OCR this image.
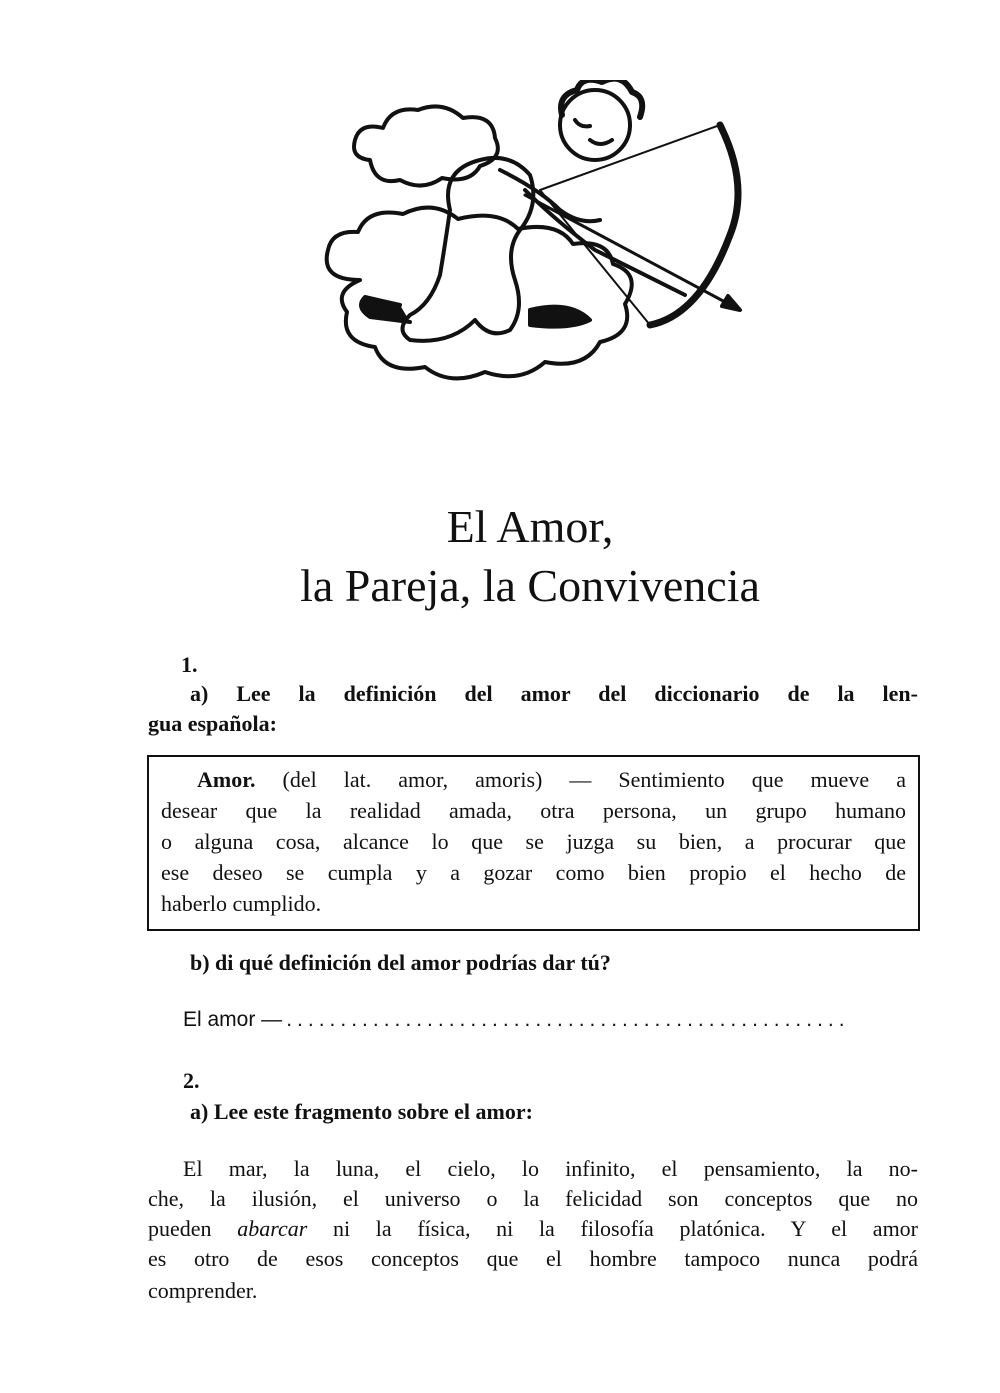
El Amor,
la Pareja, la Convivencia
1.
a) Lee la definición del amor del diccionario de la len-
gua española:
Amor. (del lat. amor, amoris) — Sentimiento que mueve a
desear que la realidad amada, otra persona, un grupo humano
o alguna cosa, alcance lo que se juzga su bien, a procurar que
ese deseo se cumpla y a gozar como bien propio el hecho de
haberlo cumplido.
b) di qué definición del amor podrías dar tú?
El amor — ....................................................
2.
a) Lee este fragmento sobre el amor:
El mar, la luna, el cielo, lo infinito, el pensamiento, la no-
che, la ilusión, el universo o la felicidad son conceptos que no
pueden abarcar ni la física, ni la filosofía platónica. Y el amor
es otro de esos conceptos que el hombre tampoco nunca podrá
comprender.
